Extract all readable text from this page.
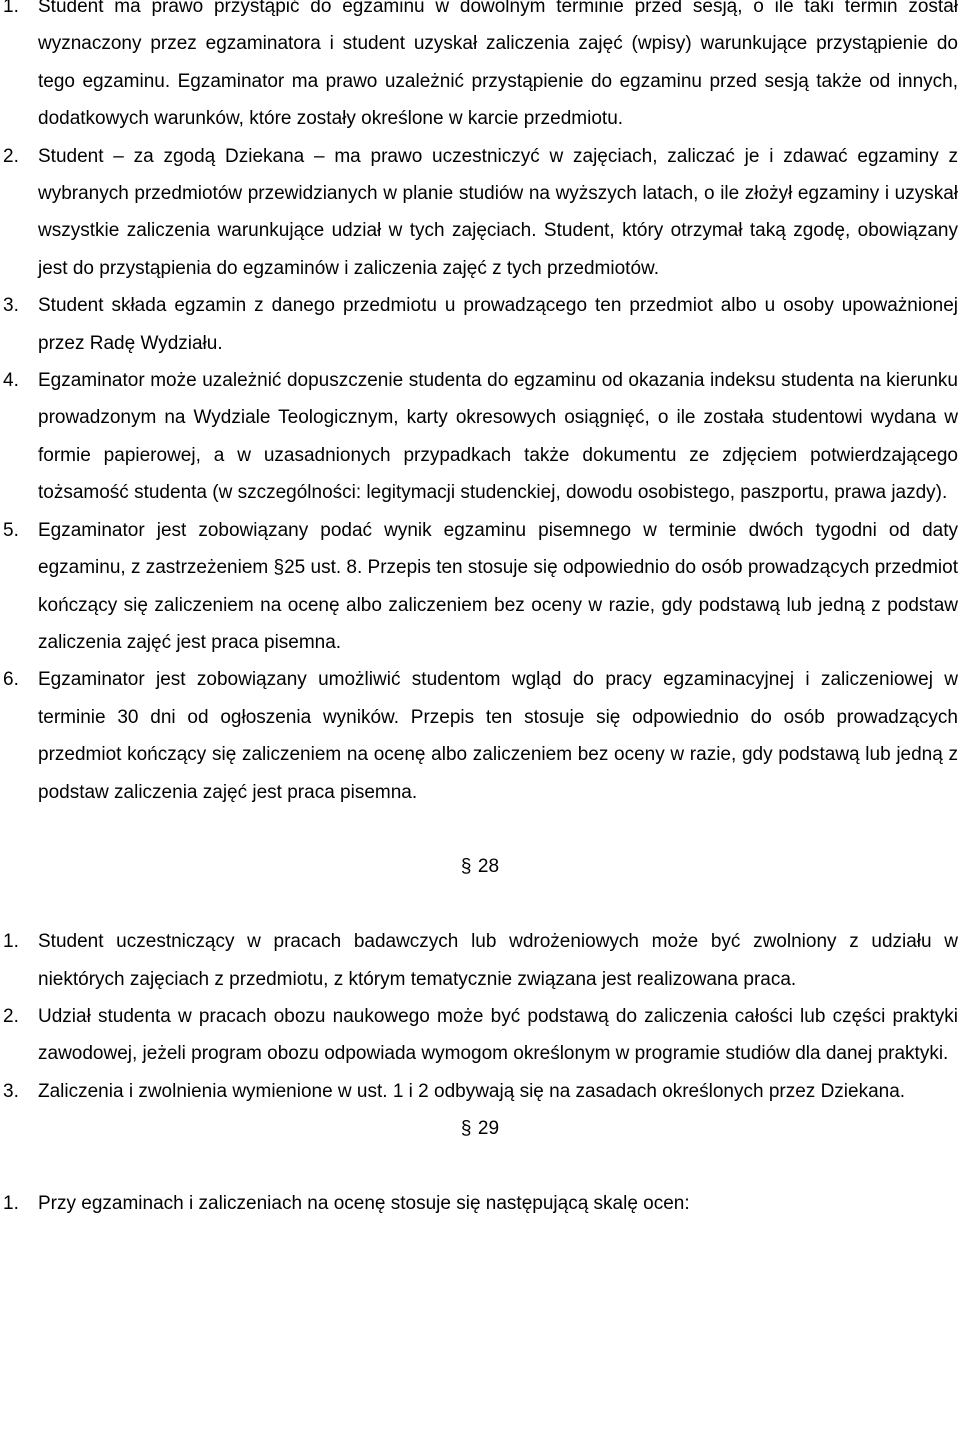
1. Student ma prawo przystąpić do egzaminu w dowolnym terminie przed sesją, o ile taki termin został wyznaczony przez egzaminatora i student uzyskał zaliczenia zajęć (wpisy) warunkujące przystąpienie do tego egzaminu. Egzaminator ma prawo uzależnić przystąpienie do egzaminu przed sesją także od innych, dodatkowych warunków, które zostały określone w karcie przedmiotu.

2. Student – za zgodą Dziekana – ma prawo uczestniczyć w zajęciach, zaliczać je i zdawać egzaminy z wybranych przedmiotów przewidzianych w planie studiów na wyższych latach, o ile złożył egzaminy i uzyskał wszystkie zaliczenia warunkujące udział w tych zajęciach. Student, który otrzymał taką zgodę, obowiązany jest do przystąpienia do egzaminów i zaliczenia zajęć z tych przedmiotów.

3. Student składa egzamin z danego przedmiotu u prowadzącego ten przedmiot albo u osoby upoważnionej przez Radę Wydziału.

4. Egzaminator może uzależnić dopuszczenie studenta do egzaminu od okazania indeksu studenta na kierunku prowadzonym na Wydziale Teologicznym, karty okresowych osiągnięć, o ile została studentowi wydana w formie papierowej, a w uzasadnionych przypadkach także dokumentu ze zdjęciem potwierdzającego tożsamość studenta (w szczególności: legitymacji studenckiej, dowodu osobistego, paszportu, prawa jazdy).

5. Egzaminator jest zobowiązany podać wynik egzaminu pisemnego w terminie dwóch tygodni od daty egzaminu, z zastrzeżeniem §25 ust. 8. Przepis ten stosuje się odpowiednio do osób prowadzących przedmiot kończący się zaliczeniem na ocenę albo zaliczeniem bez oceny w razie, gdy podstawą lub jedną z podstaw zaliczenia zajęć jest praca pisemna.

6. Egzaminator jest zobowiązany umożliwić studentom wgląd do pracy egzaminacyjnej i zaliczeniowej w terminie 30 dni od ogłoszenia wyników. Przepis ten stosuje się odpowiednio do osób prowadzących przedmiot kończący się zaliczeniem na ocenę albo zaliczeniem bez oceny w razie, gdy podstawą lub jedną z podstaw zaliczenia zajęć jest praca pisemna.

§ 28
1. Student uczestniczący w pracach badawczych lub wdrożeniowych może być zwolniony z udziału w niektórych zajęciach z przedmiotu, z którym tematycznie związana jest realizowana praca.

2. Udział studenta w pracach obozu naukowego może być podstawą do zaliczenia całości lub części praktyki zawodowej, jeżeli program obozu odpowiada wymogom określonym w programie studiów dla danej praktyki.

3. Zaliczenia i zwolnienia wymienione w ust. 1 i 2 odbywają się na zasadach określonych przez Dziekana.

§ 29
1. Przy egzaminach i zaliczeniach na ocenę stosuje się następującą skalę ocen:
